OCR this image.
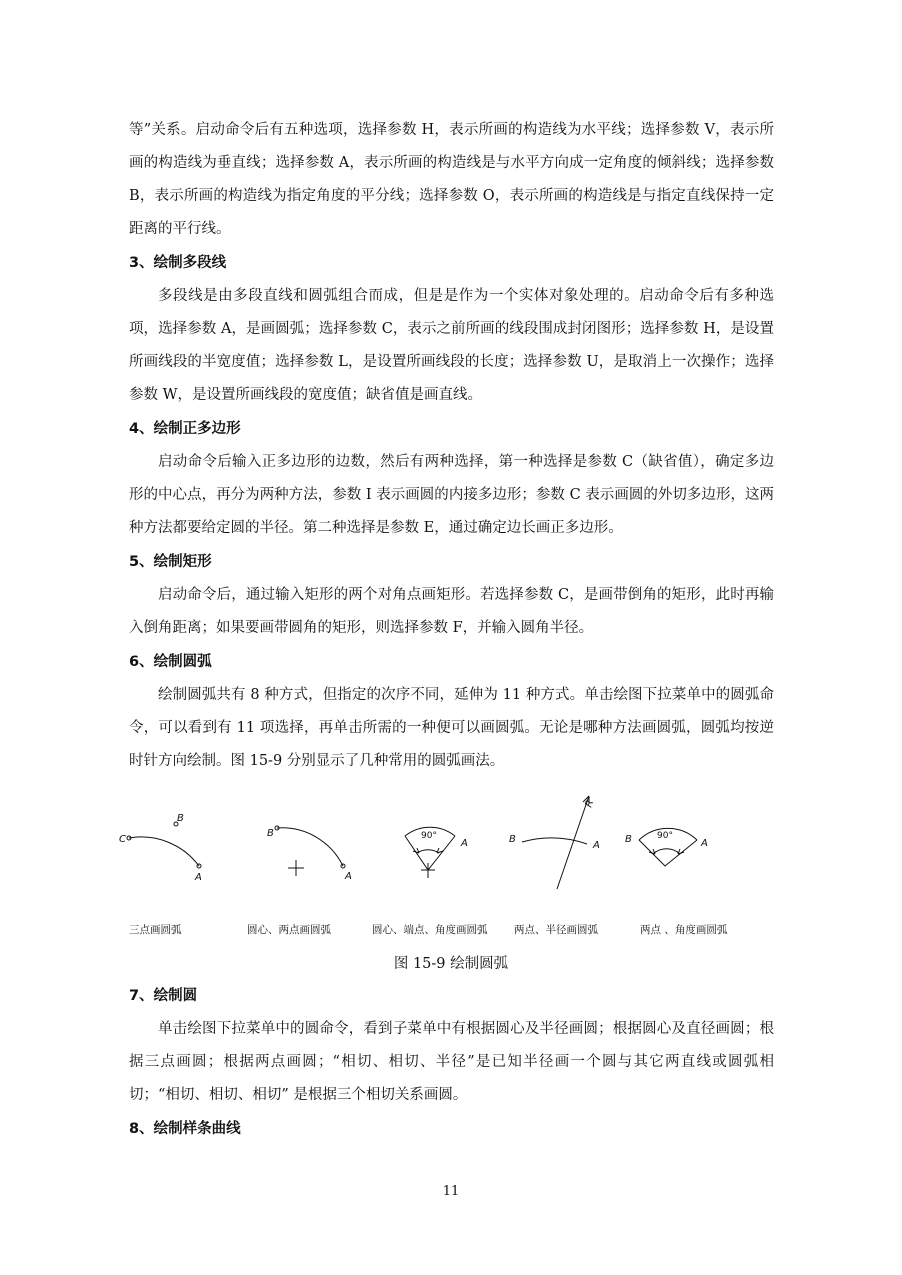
等”关系。启动命令后有五种选项，选择参数 H，表示所画的构造线为水平线；选择参数 V，表示所画的构造线为垂直线；选择参数 A，表示所画的构造线是与水平方向成一定角度的倾斜线；选择参数 B，表示所画的构造线为指定角度的平分线；选择参数 O，表示所画的构造线是与指定直线保持一定距离的平行线。

3、绘制多段线

多段线是由多段直线和圆弧组合而成，但是是作为一个实体对象处理的。启动命令后有多种选项，选择参数 A，是画圆弧；选择参数 C，表示之前所画的线段围成封闭图形；选择参数 H，是设置所画线段的半宽度值；选择参数 L，是设置所画线段的长度；选择参数 U，是取消上一次操作；选择参数 W，是设置所画线段的宽度值；缺省值是画直线。

4、绘制正多边形

启动命令后输入正多边形的边数，然后有两种选择，第一种选择是参数 C（缺省值），确定多边形的中心点，再分为两种方法，参数 I 表示画圆的内接多边形；参数 C 表示画圆的外切多边形，这两种方法都要给定圆的半径。第二种选择是参数 E，通过确定边长画正多边形。

5、绘制矩形

启动命令后，通过输入矩形的两个对角点画矩形。若选择参数 C，是画带倒角的矩形，此时再输入倒角距离；如果要画带圆角的矩形，则选择参数 F，并输入圆角半径。

6、绘制圆弧

绘制圆弧共有 8 种方式，但指定的次序不同，延伸为 11 种方式。单击绘图下拉菜单中的圆弧命令，可以看到有 11 项选择，再单击所需的一种便可以画圆弧。无论是哪种方法画圆弧，圆弧均按逆时针方向绘制。图 15-9 分别显示了几种常用的圆弧画法。

C
B
A
B
A
90°
A	B
A
R
B	90°
A
三点画圆弧	圆心、两点画圆弧	圆心、端点、角度画圆弧	两点、半径画圆弧	两点 、角度画圆弧
图 15-9 绘制圆弧
7、绘制圆

单击绘图下拉菜单中的圆命令，看到子菜单中有根据圆心及半径画圆；根据圆心及直径画圆；根据三点画圆；根据两点画圆；“相切、相切、半径”是已知半径画一个圆与其它两直线或圆弧相切；“相切、相切、相切” 是根据三个相切关系画圆。

8、绘制样条曲线
11
